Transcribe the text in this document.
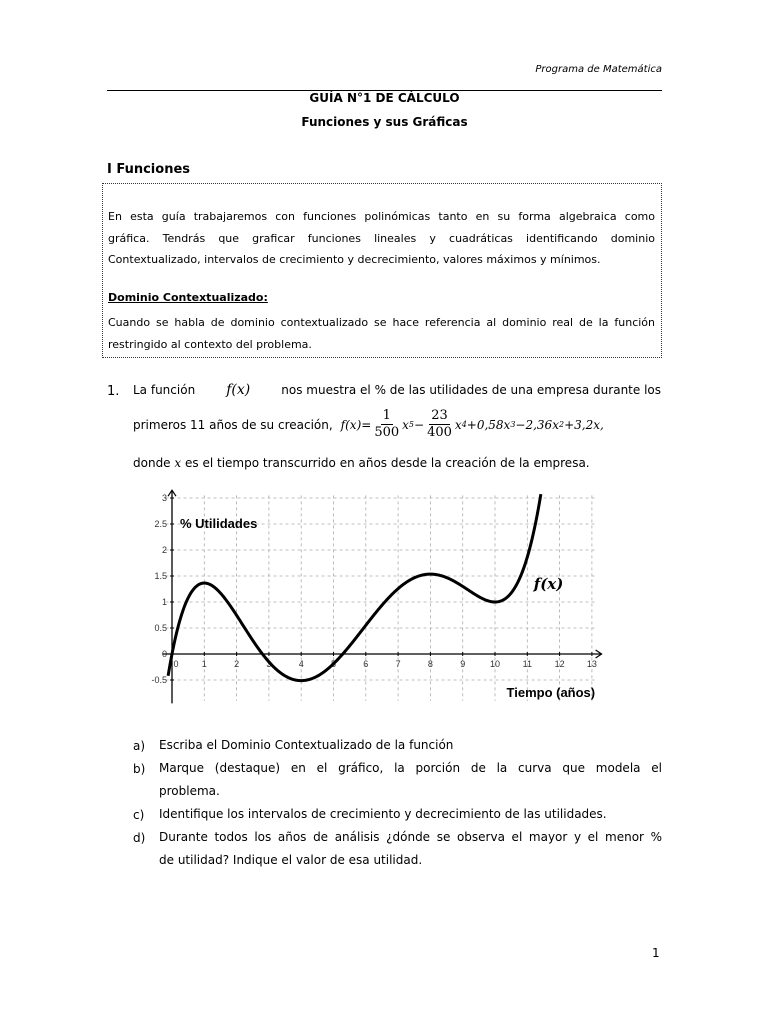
Programa de Matemática
GUÍA N°1 DE CÁLCULO
Funciones y sus Gráficas
I Funciones
En esta guía trabajaremos con funciones polinómicas tanto en su forma algebraica como
gráfica. Tendrás que graficar funciones lineales y cuadráticas identificando dominio
Contextualizado, intervalos de crecimiento y decrecimiento, valores máximos y mínimos.
Dominio Contextualizado:
Cuando se habla de dominio contextualizado se hace referencia al dominio real de la función
restringido al contexto del problema.
1. La función f(x)	nos muestra el % de las utilidades de una empresa durante los
primeros 11 años de su creación, $f(x)= \frac{1}{500}$ x $5 - \frac{23}{400}$ x 4 +0,58x 3 −2,36x 2 +3,2x,
donde x es el tiempo transcurrido en años desde la creación de la empresa.
0	1	2	3	4	5	6	7	8	9	10	11	12 13
3
2.5
2
1.5
1
0.5
0
-0.5
% Utilidades
Tiempo (años)
f(x)
a) Escriba el Dominio Contextualizado de la función
b) Marque (destaque) en el gráfico, la porción de la curva que modela el
problema.
c) Identifique los intervalos de crecimiento y decrecimiento de las utilidades.
d) Durante todos los años de análisis ¿dónde se observa el mayor y el menor %
de utilidad? Indique el valor de esa utilidad.
1
